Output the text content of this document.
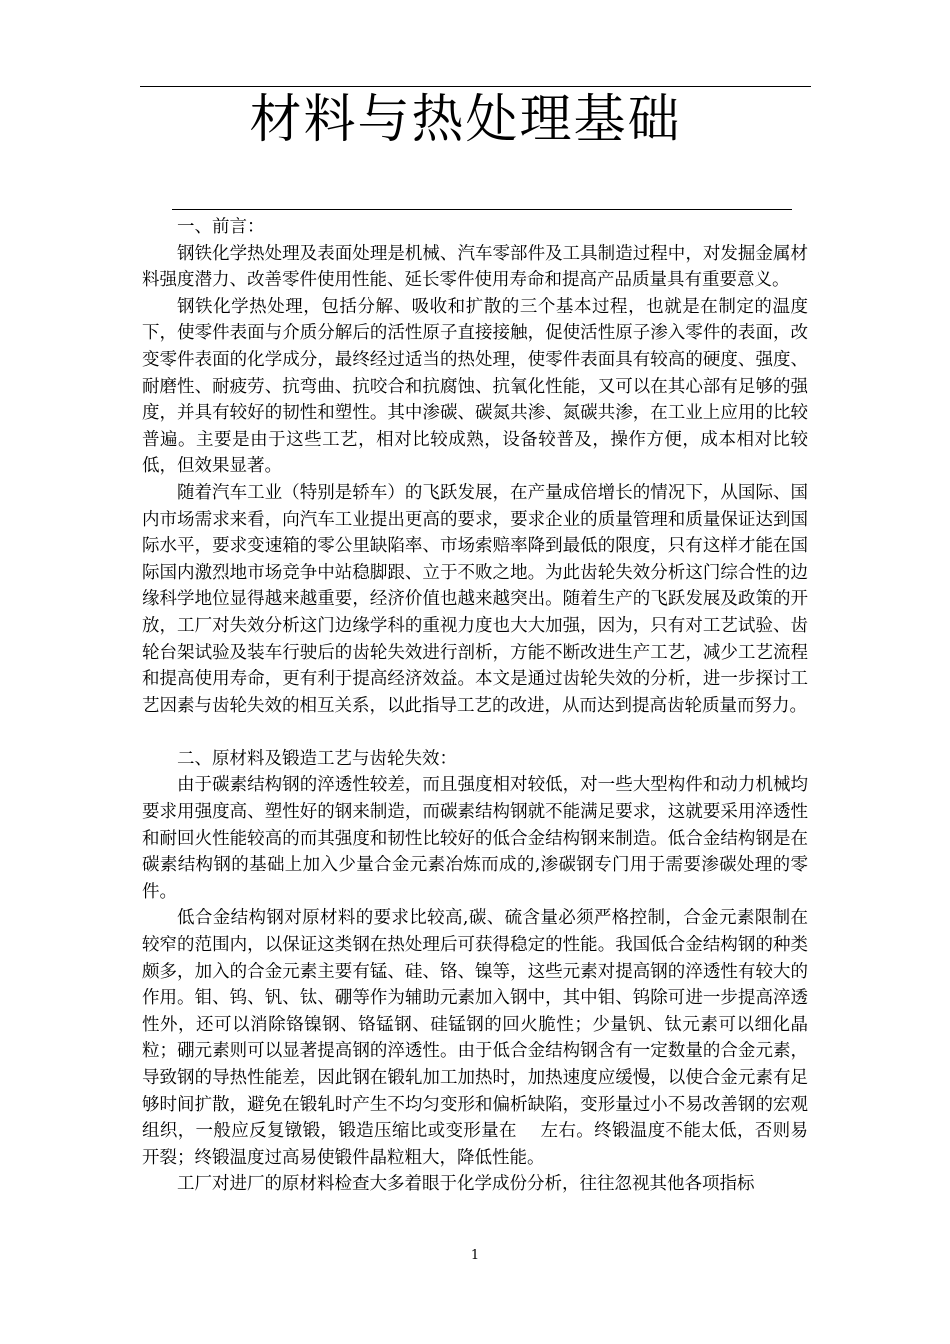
材料与热处理基础

一、前言：

钢铁化学热处理及表面处理是机械、汽车零部件及工具制造过程中，对发掘金属材料强度潜力、改善零件使用性能、延长零件使用寿命和提高产品质量具有重要意义。

钢铁化学热处理，包括分解、吸收和扩散的三个基本过程，也就是在制定的温度下，使零件表面与介质分解后的活性原子直接接触，促使活性原子渗入零件的表面，改变零件表面的化学成分，最终经过适当的热处理，使零件表面具有较高的硬度、强度、耐磨性、耐疲劳、抗弯曲、抗咬合和抗腐蚀、抗氧化性能，又可以在其心部有足够的强度，并具有较好的韧性和塑性。其中渗碳、碳氮共渗、氮碳共渗，在工业上应用的比较普遍。主要是由于这些工艺，相对比较成熟，设备较普及，操作方便，成本相对比较低，但效果显著。

随着汽车工业（特别是轿车）的飞跃发展，在产量成倍增长的情况下，从国际、国内市场需求来看，向汽车工业提出更高的要求，要求企业的质量管理和质量保证达到国际水平，要求变速箱的零公里缺陷率、市场索赔率降到最低的限度，只有这样才能在国际国内激烈地市场竞争中站稳脚跟、立于不败之地。为此齿轮失效分析这门综合性的边缘科学地位显得越来越重要，经济价值也越来越突出。随着生产的飞跃发展及政策的开放，工厂对失效分析这门边缘学科的重视力度也大大加强，因为，只有对工艺试验、齿轮台架试验及装车行驶后的齿轮失效进行剖析，方能不断改进生产工艺，减少工艺流程和提高使用寿命，更有利于提高经济效益。本文是通过齿轮失效的分析，进一步探讨工艺因素与齿轮失效的相互关系，以此指导工艺的改进，从而达到提高齿轮质量而努力。

二、原材料及锻造工艺与齿轮失效：

由于碳素结构钢的淬透性较差，而且强度相对较低，对一些大型构件和动力机械均要求用强度高、塑性好的钢来制造，而碳素结构钢就不能满足要求，这就要采用淬透性和耐回火性能较高的而其强度和韧性比较好的低合金结构钢来制造。低合金结构钢是在碳素结构钢的基础上加入少量合金元素冶炼而成的,渗碳钢专门用于需要渗碳处理的零件。

低合金结构钢对原材料的要求比较高,碳、硫含量必须严格控制，合金元素限制在较窄的范围内，以保证这类钢在热处理后可获得稳定的性能。我国低合金结构钢的种类颇多，加入的合金元素主要有锰、硅、铬、镍等，这些元素对提高钢的淬透性有较大的作用。钼、钨、钒、钛、硼等作为辅助元素加入钢中，其中钼、钨除可进一步提高淬透性外，还可以消除铬镍钢、铬锰钢、硅锰钢的回火脆性；少量钒、钛元素可以细化晶粒；硼元素则可以显著提高钢的淬透性。由于低合金结构钢含有一定数量的合金元素，导致钢的导热性能差，因此钢在锻轧加工加热时，加热速度应缓慢，以使合金元素有足够时间扩散，避免在锻轧时产生不均匀变形和偏析缺陷，变形量过小不易改善钢的宏观组织，一般应反复镦锻，锻造压缩比或变形量在　 左右。终锻温度不能太低，否则易开裂；终锻温度过高易使锻件晶粒粗大，降低性能。

工厂对进厂的原材料检查大多着眼于化学成份分析，往往忽视其他各项指标

1
